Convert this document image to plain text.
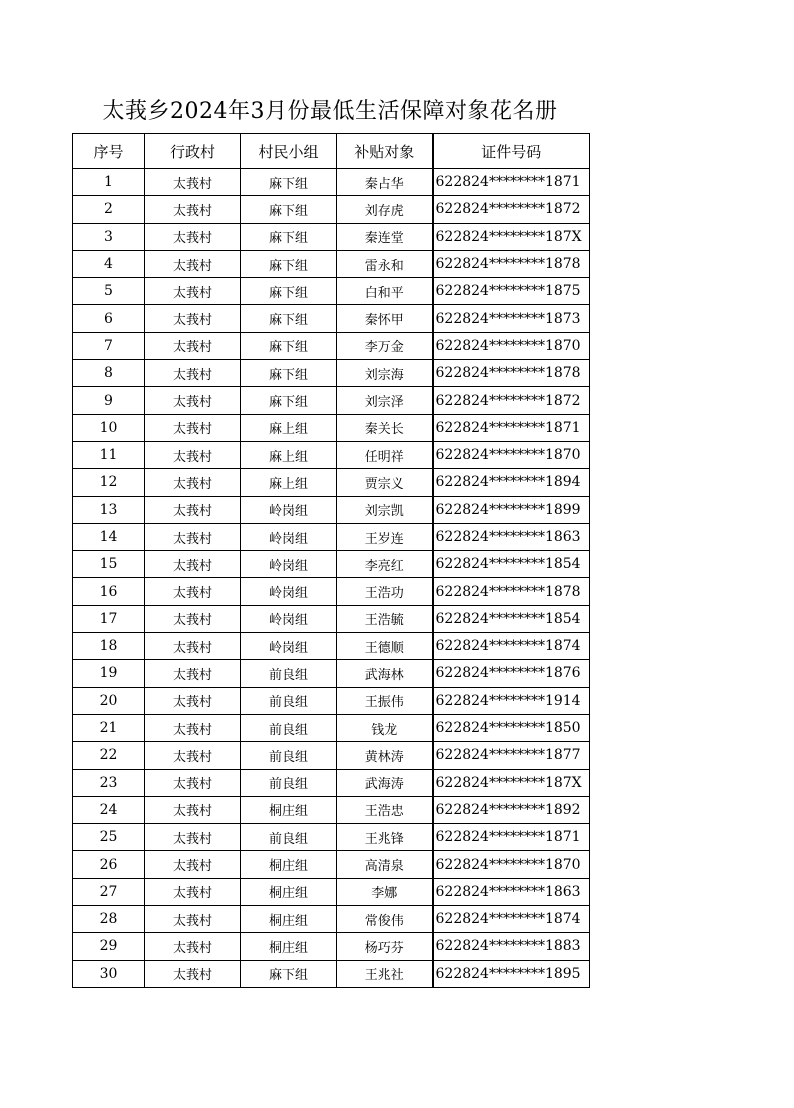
太莪乡2024年3月份最低生活保障对象花名册
序号	行政村	村民小组	补贴对象	证件号码
1	太莪村	麻下组	秦占华	622824********1871
2	太莪村	麻下组	刘存虎	622824********1872
3	太莪村	麻下组	秦连堂	622824********187X
4	太莪村	麻下组	雷永和	622824********1878
5	太莪村	麻下组	白和平	622824********1875
6	太莪村	麻下组	秦怀甲	622824********1873
7	太莪村	麻下组	李万金	622824********1870
8	太莪村	麻下组	刘宗海	622824********1878
9	太莪村	麻下组	刘宗泽	622824********1872
10	太莪村	麻上组	秦关长	622824********1871
11	太莪村	麻上组	任明祥	622824********1870
12	太莪村	麻上组	贾宗义	622824********1894
13	太莪村	岭岗组	刘宗凯	622824********1899
14	太莪村	岭岗组	王岁连	622824********1863
15	太莪村	岭岗组	李亮红	622824********1854
16	太莪村	岭岗组	王浩功	622824********1878
17	太莪村	岭岗组	王浩毓	622824********1854
18	太莪村	岭岗组	王德顺	622824********1874
19	太莪村	前良组	武海林	622824********1876
20	太莪村	前良组	王振伟	622824********1914
21	太莪村	前良组	钱龙	622824********1850
22	太莪村	前良组	黄林涛	622824********1877
23	太莪村	前良组	武海涛	622824********187X
24	太莪村	桐庄组	王浩忠	622824********1892
25	太莪村	前良组	王兆锋	622824********1871
26	太莪村	桐庄组	高清泉	622824********1870
27	太莪村	桐庄组	李娜	622824********1863
28	太莪村	桐庄组	常俊伟	622824********1874
29	太莪村	桐庄组	杨巧芬	622824********1883
30	太莪村	麻下组	王兆社	622824********1895
